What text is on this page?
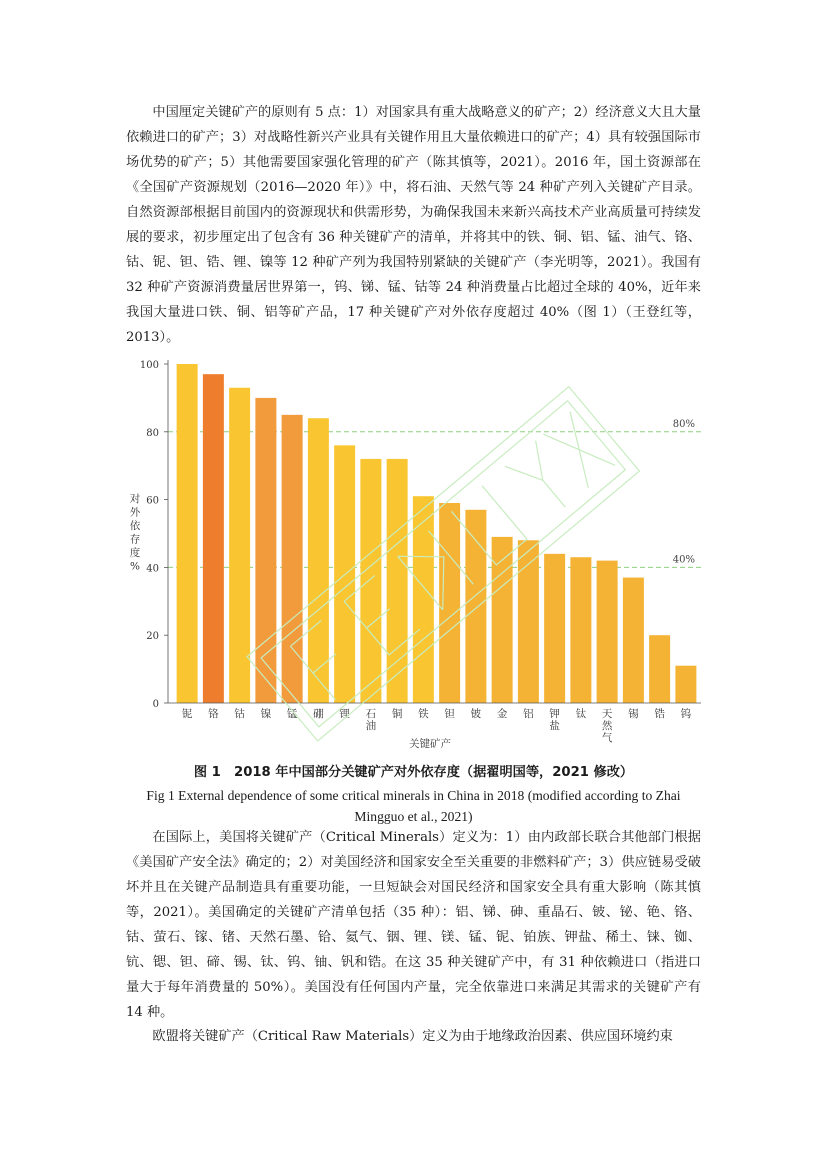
中国厘定关键矿产的原则有 5 点：1）对国家具有重大战略意义的矿产；2）经济意义大且大量依赖进口的矿产；3）对战略性新兴产业具有关键作用且大量依赖进口的矿产；4）具有较强国际市场优势的矿产；5）其他需要国家强化管理的矿产（陈其慎等，2021）。2016 年，国土资源部在《全国矿产资源规划（2016—2020 年）》中，将石油、天然气等 24 种矿产列入关键矿产目录。自然资源部根据目前国内的资源现状和供需形势，为确保我国未来新兴高技术产业高质量可持续发展的要求，初步厘定出了包含有 36 种关键矿产的清单，并将其中的铁、铜、铝、锰、油气、铬、钴、铌、钽、锆、锂、镍等 12 种矿产列为我国特别紧缺的关键矿产（李光明等，2021）。我国有 32 种矿产资源消费量居世界第一，钨、锑、锰、钴等 24 种消费量占比超过全球的 40%，近年来我国大量进口铁、铜、铝等矿产品，17 种关键矿产对外依存度超过 40%（图 1）（王登红等，2013）。

0
20
40
60
80
100
80%
40%
铌 铬 钴 镍 锰 硼 锂 石油
铜 铁 钽 铍 金 铝 钾盐
钛 天然气
锡 锆 钨
关键矿产
对外依存度%
图 1　2018 年中国部分关键矿产对外依存度（据翟明国等，2021 修改）
Fig 1 External dependence of some critical minerals in China in 2018 (modified according to Zhai Mingguo et al., 2021)

在国际上，美国将关键矿产（Critical Minerals）定义为：1）由内政部长联合其他部门根据《美国矿产安全法》确定的；2）对美国经济和国家安全至关重要的非燃料矿产；3）供应链易受破坏并且在关键产品制造具有重要功能，一旦短缺会对国民经济和国家安全具有重大影响（陈其慎等，2021）。美国确定的关键矿产清单包括（35 种）：铝、锑、砷、重晶石、铍、铋、铯、铬、钴、萤石、镓、锗、天然石墨、铪、氦气、铟、锂、镁、锰、铌、铂族、钾盐、稀土、铼、铷、钪、锶、钽、碲、锡、钛、钨、铀、钒和锆。在这 35 种关键矿产中，有 31 种依赖进口（指进口量大于每年消费量的 50%）。美国没有任何国内产量，完全依靠进口来满足其需求的关键矿产有 14 种。

欧盟将关键矿产（Critical Raw Materials）定义为由于地缘政治因素、供应国环境约束
